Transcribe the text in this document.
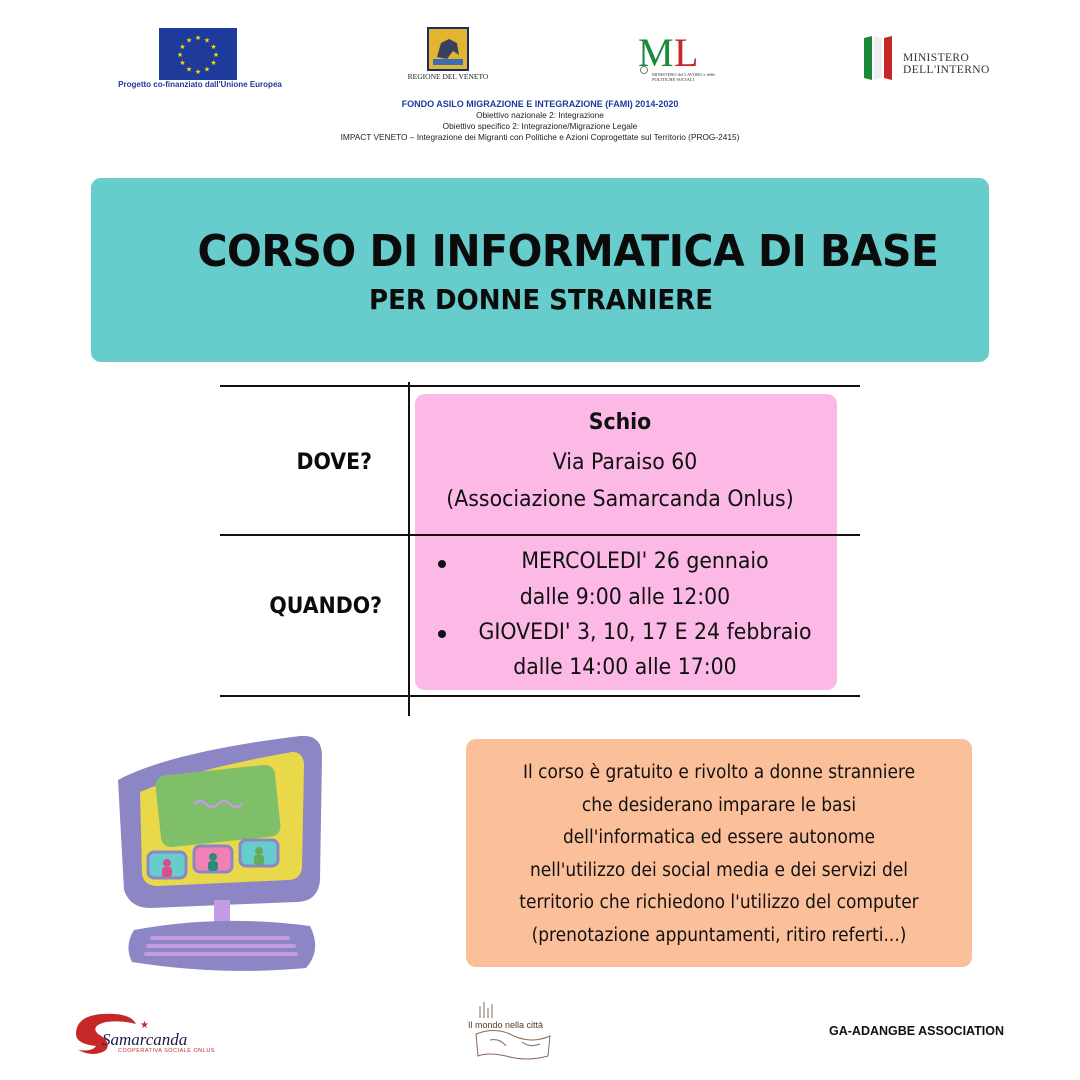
★ ★
★
★
★
★
★
★
★
★
★
★
Progetto co-finanziato dall'Unione Europea
REGIONE DEL VENETO
M L
MINISTERO del LAVORO e delle POLITICHE SOCIALI
MINISTERO
DELL'INTERNO
FONDO ASILO MIGRAZIONE E INTEGRAZIONE (FAMI) 2014-2020
Obiettivo nazionale 2: Integrazione
Obiettivo specifico 2: Integrazione/Migrazione Legale
IMPACT VENETO – Integrazione dei Migranti con Politiche e Azioni Coprogettate sul Territorio (PROG-2415)
CORSO DI INFORMATICA DI BASE
PER DONNE STRANIERE
DOVE?
QUANDO?
Schio
Via Paraiso 60
(Associazione Samarcanda Onlus)
MERCOLEDI' 26 gennaio
dalle 9:00 alle 12:00
GIOVEDI' 3, 10, 17 E 24 febbraio
dalle 14:00 alle 17:00
Il corso è gratuito e rivolto a donne stranniere
che desiderano imparare le basi
dell'informatica ed essere autonome
nell'utilizzo dei social media e dei servizi del
territorio che richiedono l'utilizzo del computer
(prenotazione appuntamenti, ritiro referti...)
★
Samarcanda
COOPERATIVA SOCIALE ONLUS
Il mondo nella città	GA-ADANGBE ASSOCIATION
